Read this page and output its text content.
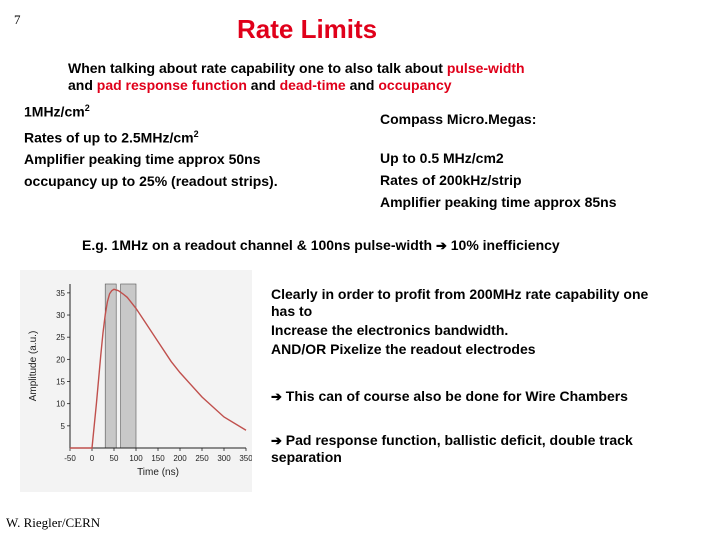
7	Rate Limits
When talking about rate capability one to also talk about pulse-width
and pad response function and dead-time and occupancy
$1MHz/cm^2$
Rates of up to $2.5MHz/cm^2$
Amplifier peaking time approx 50ns
occupancy up to 25% (readout strips).
Compass Micro.Megas:
Up to 0.5 MHz/cm2
Rates of 200kHz/strip
Amplifier peaking time approx 85ns
E.g. 1MHz on a readout channel & 100ns pulse-width ➔ 10% inefficiency
-50 0 50 100 150 200 250 300 350
5
10
15
20
25
30
35
Time (ns)
Amplitude (a.u.)
Clearly in order to profit from 200MHz rate capability one
has to
Increase the electronics bandwidth.
AND/OR Pixelize the readout electrodes
➔ This can of course also be done for Wire Chambers
➔ Pad response function, ballistic deficit, double track
separation
W. Riegler/CERN
